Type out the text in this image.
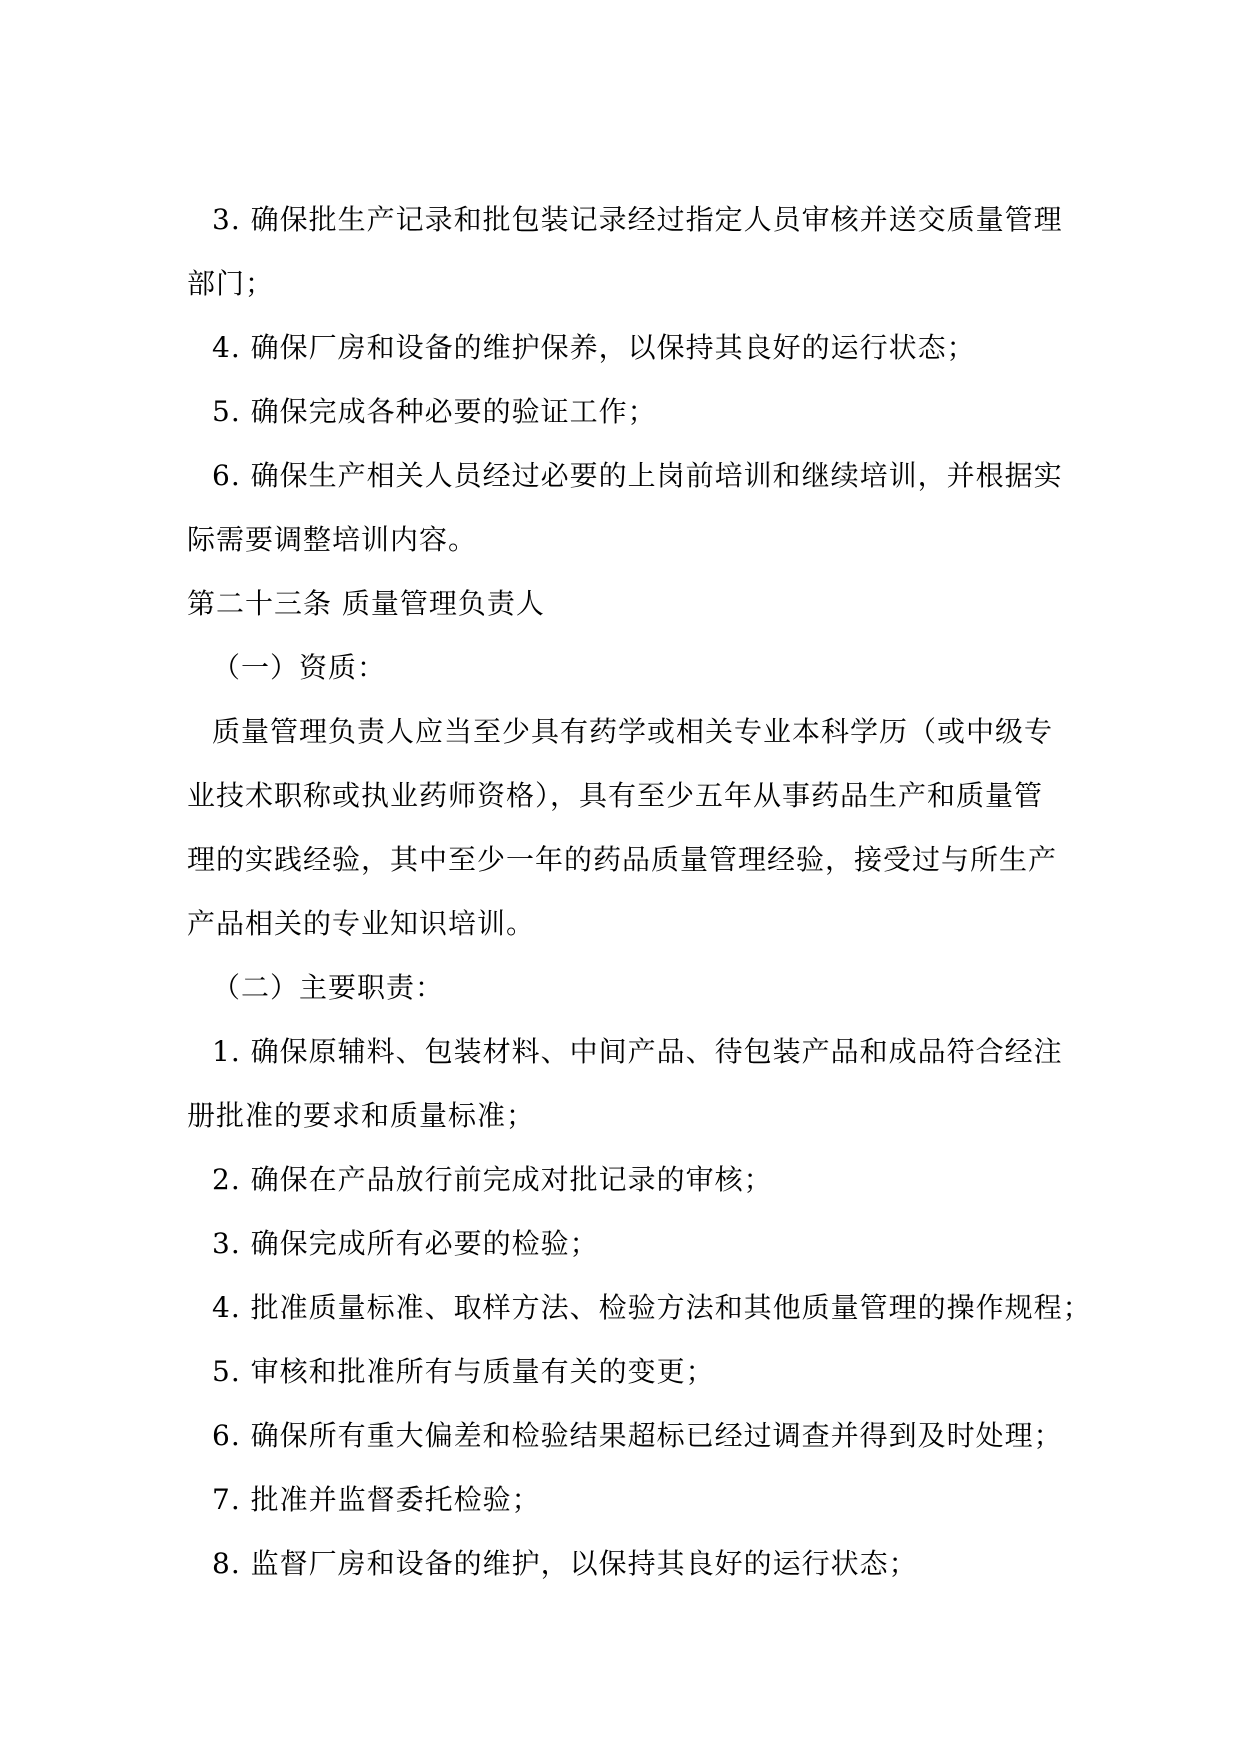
3. 确保批生产记录和批包装记录经过指定人员审核并送交质量管理
部门；
4. 确保厂房和设备的维护保养，以保持其良好的运行状态；
5. 确保完成各种必要的验证工作；
6. 确保生产相关人员经过必要的上岗前培训和继续培训，并根据实
际需要调整培训内容。
第二十三条 质量管理负责人
（一）资质：
质量管理负责人应当至少具有药学或相关专业本科学历（或中级专
业技术职称或执业药师资格），具有至少五年从事药品生产和质量管
理的实践经验，其中至少一年的药品质量管理经验，接受过与所生产
产品相关的专业知识培训。
（二）主要职责：
1. 确保原辅料、包装材料、中间产品、待包装产品和成品符合经注
册批准的要求和质量标准；
2. 确保在产品放行前完成对批记录的审核；
3. 确保完成所有必要的检验；
4. 批准质量标准、取样方法、检验方法和其他质量管理的操作规程；
5. 审核和批准所有与质量有关的变更；
6. 确保所有重大偏差和检验结果超标已经过调查并得到及时处理；
7. 批准并监督委托检验；
8. 监督厂房和设备的维护，以保持其良好的运行状态；
